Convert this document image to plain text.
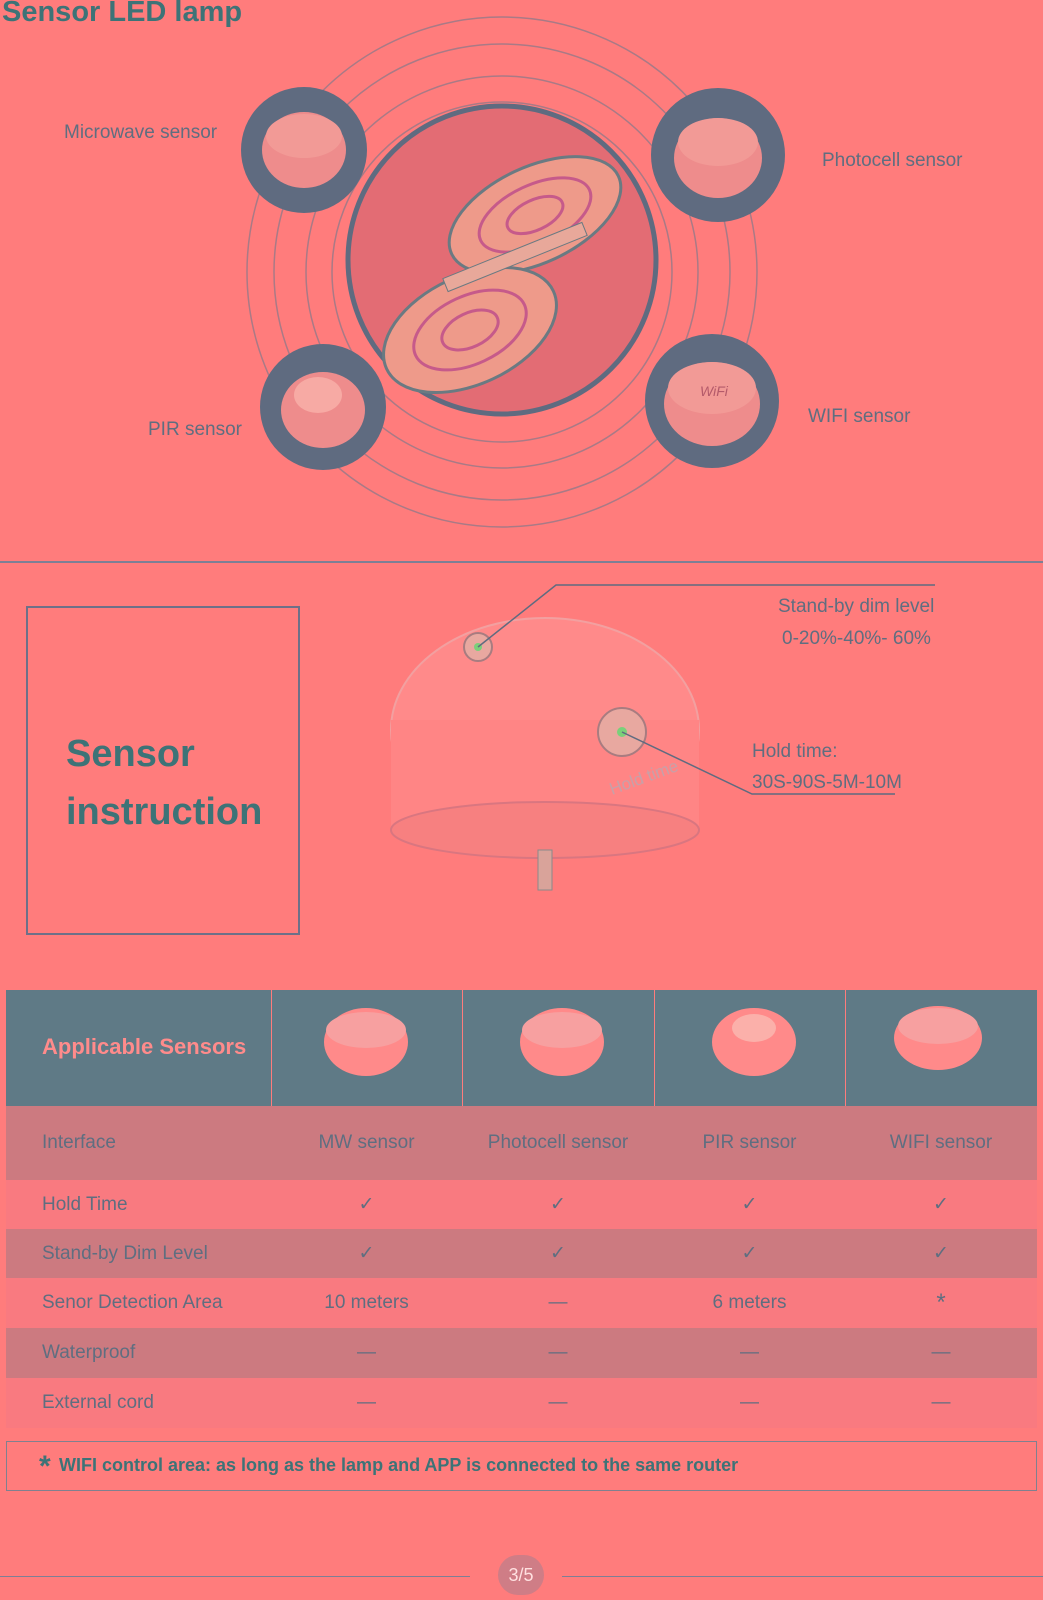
Sensor LED lamp
WiFi
Microwave sensor
Photocell sensor
PIR sensor
WIFI sensor
Sensor
instruction
Hold time
Stand-by dim level
0-20%-40%- 60%
Hold time:
30S-90S-5M-10M
Applicable Sensors
Interface	MW sensor	Photocell sensor	PIR sensor	WIFI sensor
Hold Time	✓	✓	✓	✓
Stand-by Dim Level	✓	✓	✓	✓
Senor Detection Area	10 meters	—	6 meters	*
Waterproof	—	—	—	—
External cord	—	—	—	—
* WIFI control area: as long as the lamp and APP is connected to the same router
3/5
